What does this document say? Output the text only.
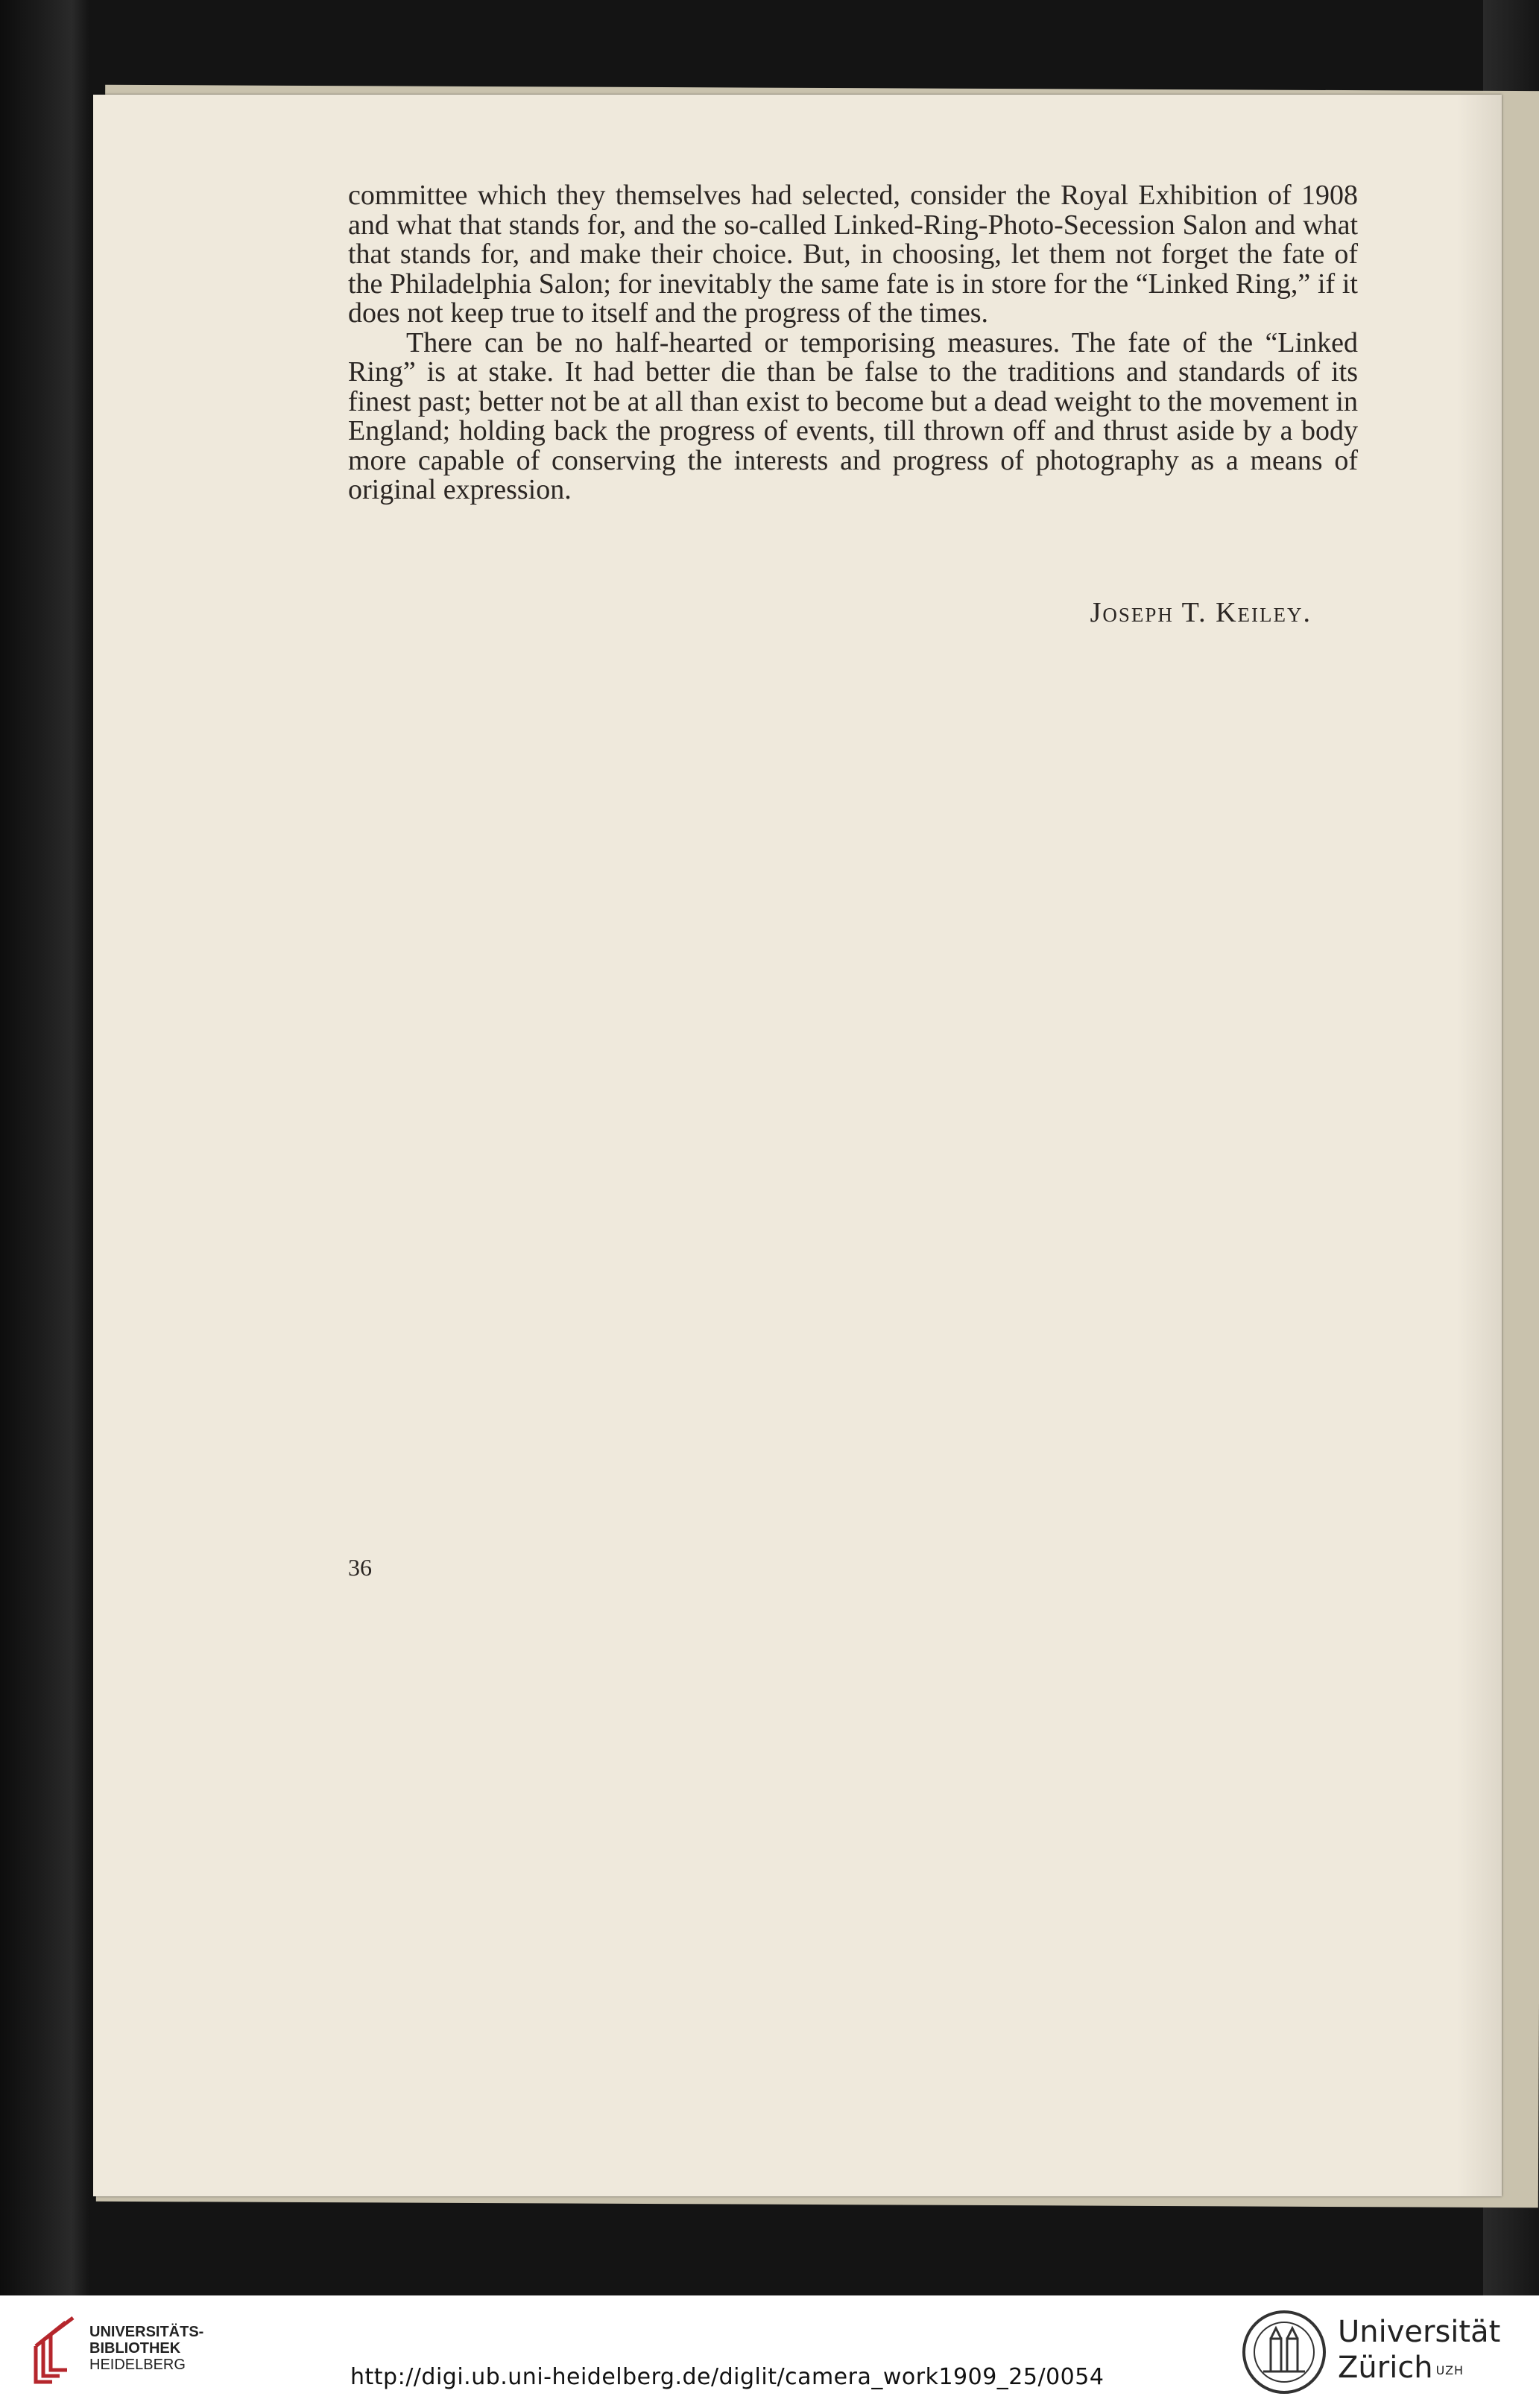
committee which they themselves had selected, consider the Royal Exhibition of 1908 and what that stands for, and the so-called Linked-Ring-Photo-Secession Salon and what that stands for, and make their choice. But, in choosing, let them not forget the fate of the Philadelphia Salon; for inevitably the same fate is in store for the “Linked Ring,” if it does not keep true to itself and the progress of the times.

There can be no half-hearted or temporising measures. The fate of the “Linked Ring” is at stake. It had better die than be false to the traditions and standards of its finest past; better not be at all than exist to become but a dead weight to the movement in England; holding back the progress of events, till thrown off and thrust aside by a body more capable of conserving the interests and progress of photography as a means of original expression.

Joseph T. Keiley.
36
UNIVERSITÄTS-
BIBLIOTHEK
HEIDELBERG	http://digi.ub.uni-heidelberg.de/diglit/camera_work1909_25/0054
Universität
Zürich $^{UZH}$
